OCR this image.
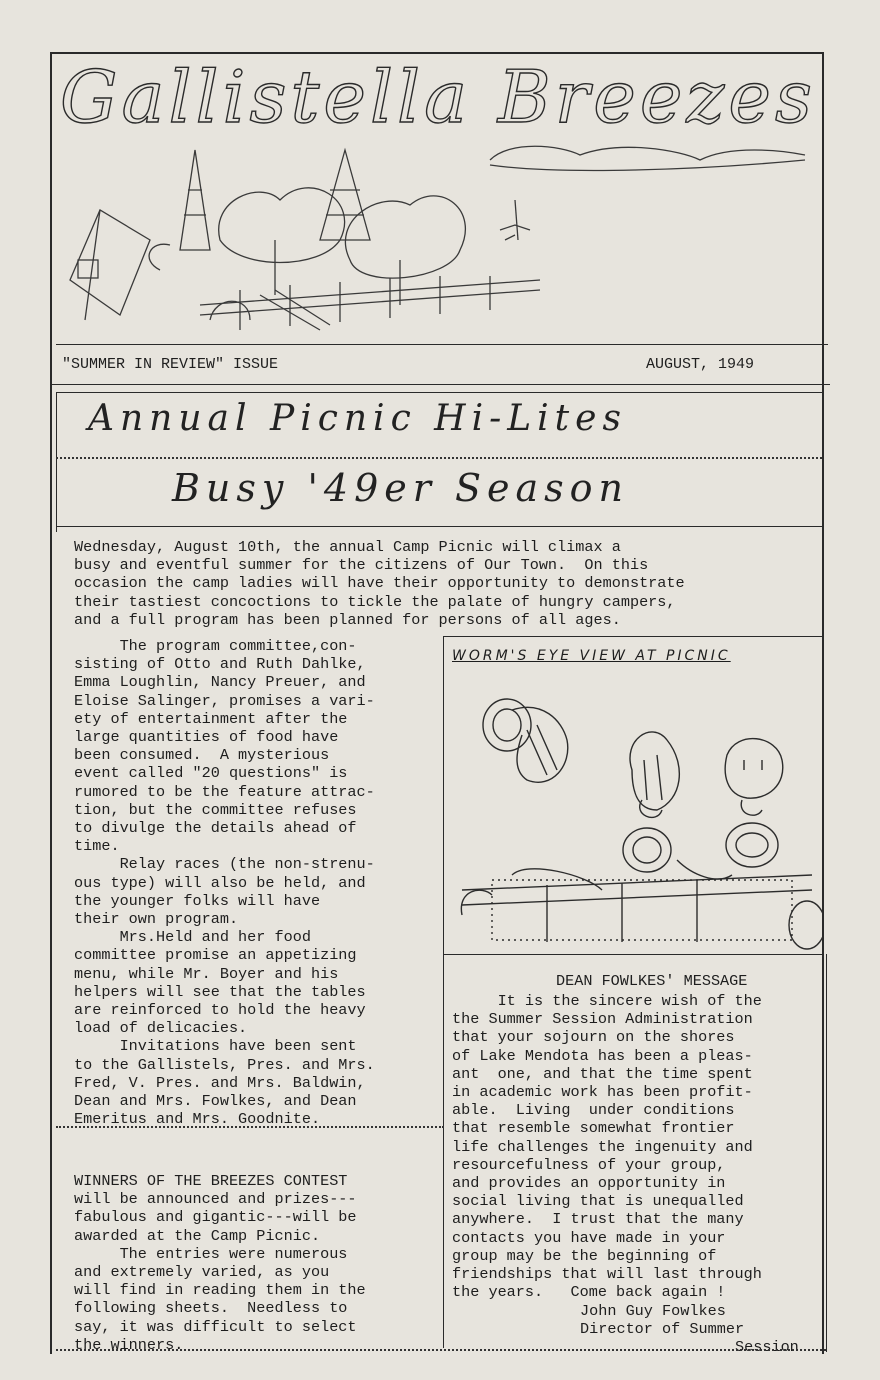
Gallistella Breezes
"SUMMER IN REVIEW" ISSUE	AUGUST, 1949
Annual Picnic Hi-Lites
Busy '49er Season
Wednesday, August 10th, the annual Camp Picnic will climax a
busy and eventful summer for the citizens of Our Town.  On this
occasion the camp ladies will have their opportunity to demonstrate
their tastiest concoctions to tickle the palate of hungry campers,
and a full program has been planned for persons of all ages.
The program committee,con-
sisting of Otto and Ruth Dahlke,
Emma Loughlin, Nancy Preuer, and
Eloise Salinger, promises a vari-
ety of entertainment after the
large quantities of food have
been consumed.  A mysterious
event called "20 questions" is
rumored to be the feature attrac-
tion, but the committee refuses
to divulge the details ahead of
time.
Relay races (the non-strenu-
ous type) will also be held, and
the younger folks will have
their own program.
Mrs.Held and her food
committee promise an appetizing
menu, while Mr. Boyer and his
helpers will see that the tables
are reinforced to hold the heavy
load of delicacies.
Invitations have been sent
to the Gallistels, Pres. and Mrs.
Fred, V. Pres. and Mrs. Baldwin,
Dean and Mrs. Fowlkes, and Dean
Emeritus and Mrs. Goodnite.
WORM'S EYE VIEW AT PICNIC
DEAN FOWLKES' MESSAGE
It is the sincere wish of the
the Summer Session Administration
that your sojourn on the shores
of Lake Mendota has been a pleas-
ant  one, and that the time spent
in academic work has been profit-
able.  Living  under conditions
that resemble somewhat frontier
life challenges the ingenuity and
resourcefulness of your group,
and provides an opportunity in
social living that is unequalled
anywhere.  I trust that the many
contacts you have made in your
group may be the beginning of
friendships that will last through
the years.   Come back again !
John Guy Fowlkes
Director of Summer
Session
WINNERS OF THE BREEZES CONTEST
will be announced and prizes---
fabulous and gigantic---will be
awarded at the Camp Picnic.
The entries were numerous
and extremely varied, as you
will find in reading them in the
following sheets.  Needless to
say, it was difficult to select
the winners.
